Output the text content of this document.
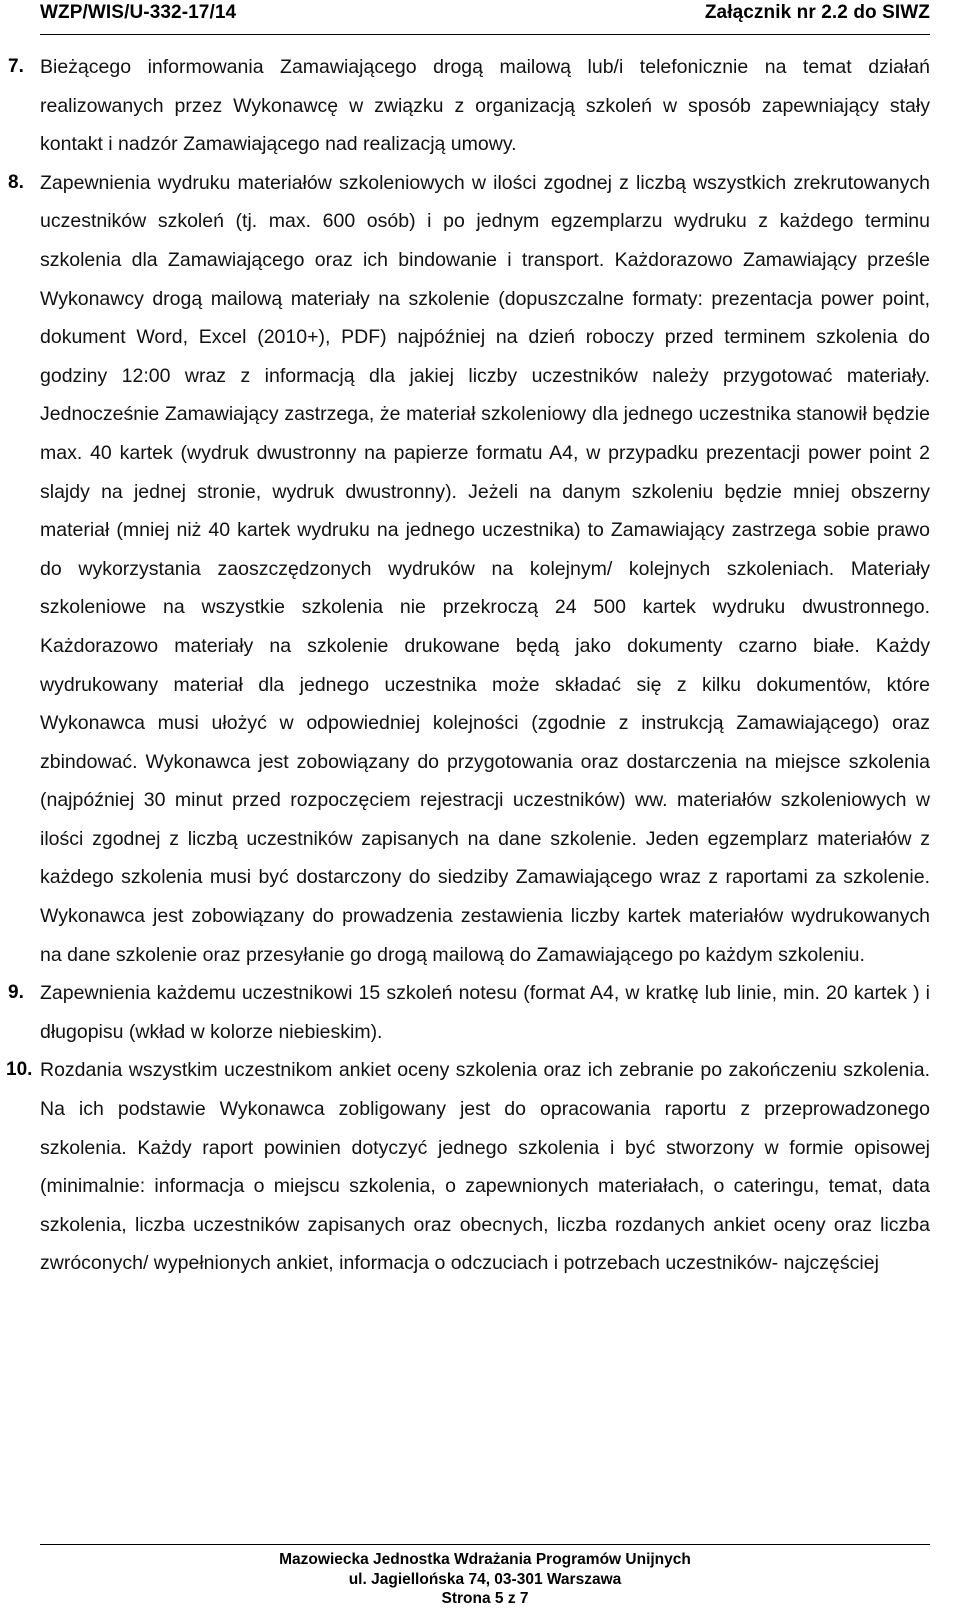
WZP/WIS/U-332-17/14	Załącznik nr 2.2 do SIWZ
7. Bieżącego informowania Zamawiającego drogą mailową lub/i telefonicznie na temat działań realizowanych przez Wykonawcę w związku z organizacją szkoleń w sposób zapewniający stały kontakt i nadzór Zamawiającego nad realizacją umowy.
8. Zapewnienia wydruku materiałów szkoleniowych w ilości zgodnej z liczbą wszystkich zrekrutowanych uczestników szkoleń (tj. max. 600 osób) i po jednym egzemplarzu wydruku z każdego terminu szkolenia dla Zamawiającego oraz ich bindowanie i transport. Każdorazowo Zamawiający prześle Wykonawcy drogą mailową materiały na szkolenie (dopuszczalne formaty: prezentacja power point, dokument Word, Excel (2010+), PDF) najpóźniej na dzień roboczy przed terminem szkolenia do godziny 12:00 wraz z informacją dla jakiej liczby uczestników należy przygotować materiały. Jednocześnie Zamawiający zastrzega, że materiał szkoleniowy dla jednego uczestnika stanowił będzie max. 40 kartek (wydruk dwustronny na papierze formatu A4, w przypadku prezentacji power point 2 slajdy na jednej stronie, wydruk dwustronny). Jeżeli na danym szkoleniu będzie mniej obszerny materiał (mniej niż 40 kartek wydruku na jednego uczestnika) to Zamawiający zastrzega sobie prawo do wykorzystania zaoszczędzonych wydruków na kolejnym/ kolejnych szkoleniach. Materiały szkoleniowe na wszystkie szkolenia nie przekroczą 24 500 kartek wydruku dwustronnego. Każdorazowo materiały na szkolenie drukowane będą jako dokumenty czarno białe. Każdy wydrukowany materiał dla jednego uczestnika może składać się z kilku dokumentów, które Wykonawca musi ułożyć w odpowiedniej kolejności (zgodnie z instrukcją Zamawiającego) oraz zbindować. Wykonawca jest zobowiązany do przygotowania oraz dostarczenia na miejsce szkolenia (najpóźniej 30 minut przed rozpoczęciem rejestracji uczestników) ww. materiałów szkoleniowych w ilości zgodnej z liczbą uczestników zapisanych na dane szkolenie. Jeden egzemplarz materiałów z każdego szkolenia musi być dostarczony do siedziby Zamawiającego wraz z raportami za szkolenie. Wykonawca jest zobowiązany do prowadzenia zestawienia liczby kartek materiałów wydrukowanych na dane szkolenie oraz przesyłanie go drogą mailową do Zamawiającego po każdym szkoleniu.
9. Zapewnienia każdemu uczestnikowi 15 szkoleń notesu (format A4, w kratkę lub linie, min. 20 kartek ) i długopisu (wkład w kolorze niebieskim).
10. Rozdania wszystkim uczestnikom ankiet oceny szkolenia oraz ich zebranie po zakończeniu szkolenia. Na ich podstawie Wykonawca zobligowany jest do opracowania raportu z przeprowadzonego szkolenia. Każdy raport powinien dotyczyć jednego szkolenia i być stworzony w formie opisowej (minimalnie: informacja o miejscu szkolenia, o zapewnionych materiałach, o cateringu, temat, data szkolenia, liczba uczestników zapisanych oraz obecnych, liczba rozdanych ankiet oceny oraz liczba zwróconych/ wypełnionych ankiet, informacja o odczuciach i potrzebach uczestników- najczęściej
Mazowiecka Jednostka Wdrażania Programów Unijnych
ul. Jagiellońska 74, 03-301 Warszawa
Strona 5 z 7
